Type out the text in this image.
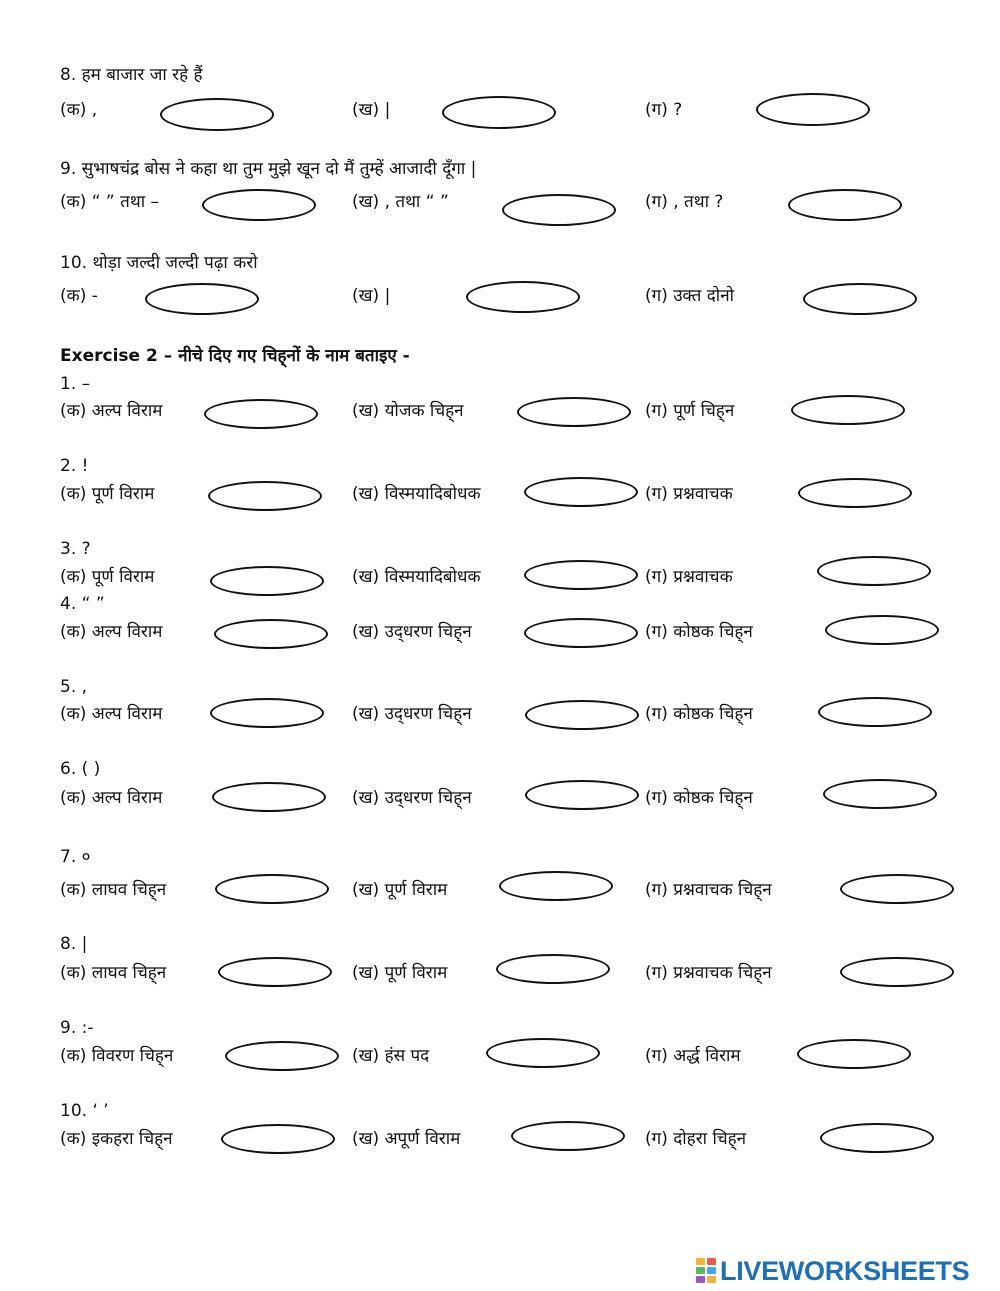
8. हम बाजार जा रहे हैं
(क) ,	(ख) |	(ग) ?
9. सुभाषचंद्र बोस ने कहा था तुम मुझे खून दो मैं तुम्हें आजादी दूँगा |
(क) “ ” तथा –	(ख) , तथा “ ”	(ग) , तथा ?
10. थोड़ा जल्दी जल्दी पढ़ा करो
(क) -	(ख) |	(ग) उक्त दोनो
Exercise 2 – नीचे दिए गए चिह्‌नों के नाम बताइए -
1. –
(क) अल्प विराम	(ख) योजक चिह्‌न	(ग) पूर्ण चिह्‌न
2. !
(क) पूर्ण विराम	(ख) विस्मयादिबोधक	(ग) प्रश्नवाचक
3. ?
(क) पूर्ण विराम	(ख) विस्मयादिबोधक	(ग) प्रश्नवाचक
4. “ ”
(क) अल्प विराम	(ख) उद्‌धरण चिह्‌न	(ग) कोष्ठक चिह्‌न
5. ,
(क) अल्प विराम	(ख) उद्‌धरण चिह्‌न	(ग) कोष्ठक चिह्‌न
6. ( )
(क) अल्प विराम	(ख) उद्‌धरण चिह्‌न	(ग) कोष्ठक चिह्‌न
7. ०
(क) लाघव चिह्‌न	(ख) पूर्ण विराम	(ग) प्रश्नवाचक चिह्‌न
8. |
(क) लाघव चिह्‌न	(ख) पूर्ण विराम	(ग) प्रश्नवाचक चिह्‌न
9. :-
(क) विवरण चिह्‌न	(ख) हंस पद	(ग) अर्द्ध विराम
10. ‘ ’
(क) इकहरा चिह्‌न	(ख) अपूर्ण विराम	(ग) दोहरा चिह्‌न
LIVEWORKSHEETS
